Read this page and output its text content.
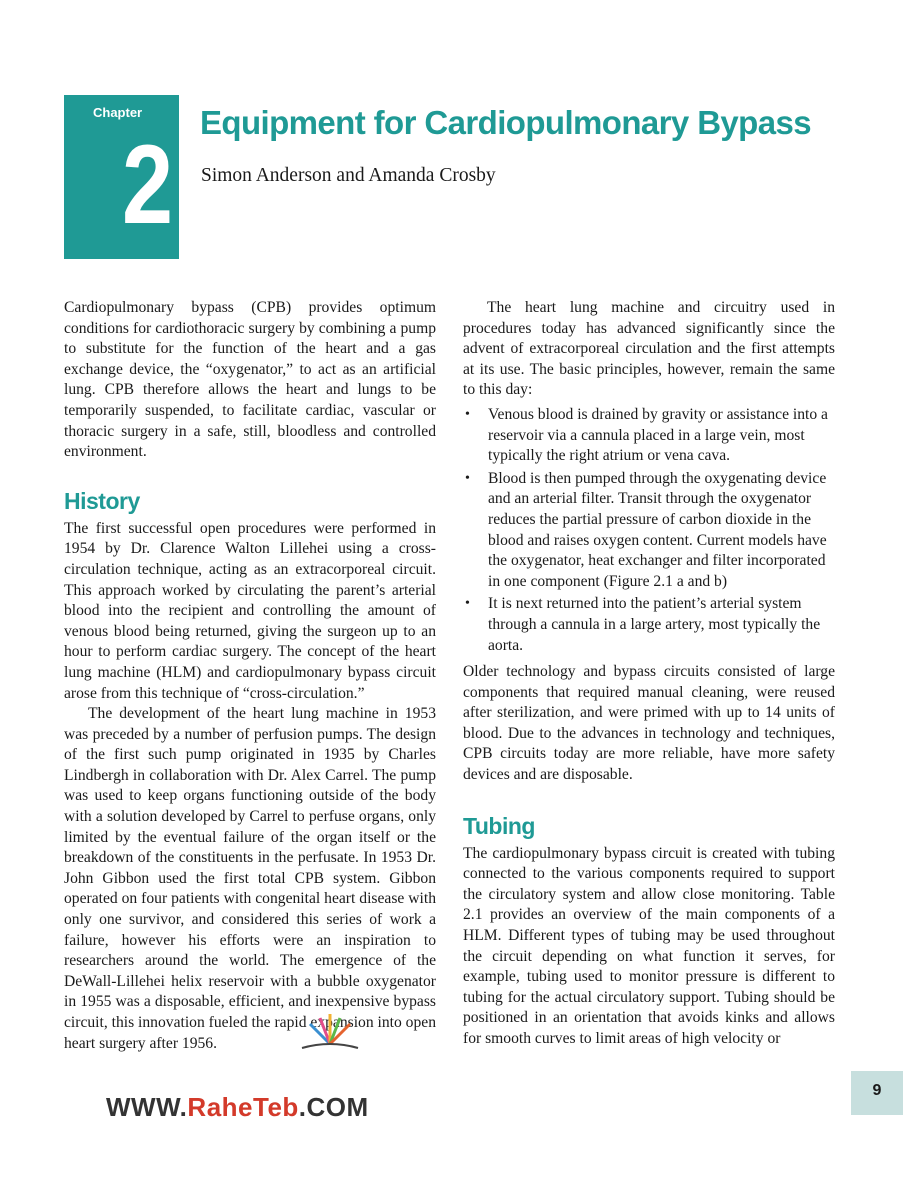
Chapter
2 Equipment for Cardiopulmonary Bypass
Simon Anderson and Amanda Crosby

Cardiopulmonary bypass (CPB) provides optimum conditions for cardiothoracic surgery by combining a pump to substitute for the function of the heart and a gas exchange device, the “oxygenator,” to act as an artificial lung. CPB therefore allows the heart and lungs to be temporarily suspended, to facilitate cardiac, vascular or thoracic surgery in a safe, still, bloodless and controlled environment.

History

The first successful open procedures were performed in 1954 by Dr. Clarence Walton Lillehei using a cross-circulation technique, acting as an extracorporeal circuit. This approach worked by circulating the parent’s arterial blood into the recipient and controlling the amount of venous blood being returned, giving the surgeon up to an hour to perform cardiac surgery. The concept of the heart lung machine (HLM) and cardiopulmonary bypass circuit arose from this technique of “cross-circulation.”

The development of the heart lung machine in 1953 was preceded by a number of perfusion pumps. The design of the first such pump originated in 1935 by Charles Lindbergh in collaboration with Dr. Alex Carrel. The pump was used to keep organs functioning outside of the body with a solution developed by Carrel to perfuse organs, only limited by the eventual failure of the organ itself or the breakdown of the constituents in the perfusate. In 1953 Dr. John Gibbon used the first total CPB system. Gibbon operated on four patients with congenital heart disease with only one survivor, and considered this series of work a failure, however his efforts were an inspiration to researchers around the world. The emergence of the DeWall-Lillehei helix reservoir with a bubble oxygenator in 1955 was a disposable, efficient, and inexpensive bypass circuit, this innovation fueled the rapid expansion into open heart surgery after 1956.

The heart lung machine and circuitry used in procedures today has advanced significantly since the advent of extracorporeal circulation and the first attempts at its use. The basic principles, however, remain the same to this day:

• Venous blood is drained by gravity or assistance into a reservoir via a cannula placed in a large vein, most typically the right atrium or vena cava.
• Blood is then pumped through the oxygenating device and an arterial filter. Transit through the oxygenator reduces the partial pressure of carbon dioxide in the blood and raises oxygen content. Current models have the oxygenator, heat exchanger and filter incorporated in one component (Figure 2.1 a and b)
• It is next returned into the patient’s arterial system through a cannula in a large artery, most typically the aorta.

Older technology and bypass circuits consisted of large components that required manual cleaning, were reused after sterilization, and were primed with up to 14 units of blood. Due to the advances in technology and techniques, CPB circuits today are more reliable, have more safety devices and are disposable.

Tubing

The cardiopulmonary bypass circuit is created with tubing connected to the various components required to support the circulatory system and allow close monitoring. Table 2.1 provides an overview of the main components of a HLM. Different types of tubing may be used throughout the circuit depending on what function it serves, for example, tubing used to monitor pressure is different to tubing for the actual circulatory support. Tubing should be positioned in an orientation that avoids kinks and allows for smooth curves to limit areas of high velocity or

9
WWW.RaheTeb.COM
